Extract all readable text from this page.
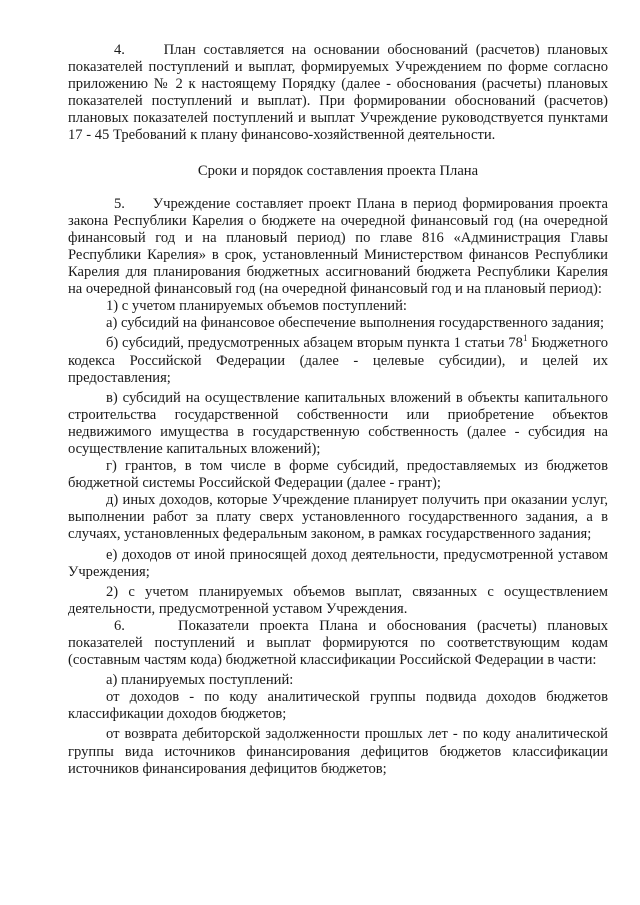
4.     План составляется на основании обоснований (расчетов) плановых показателей поступлений и выплат, формируемых Учреждением по форме согласно приложению № 2 к настоящему Порядку (далее - обоснования (расчеты) плановых показателей поступлений и выплат). При формировании обоснований (расчетов) плановых показателей поступлений и выплат Учреждение руководствуется пунктами 17 - 45 Требований к плану финансово-хозяйственной деятельности.

Сроки и порядок составления проекта Плана

5.     Учреждение составляет проект Плана в период формирования проекта закона Республики Карелия о бюджете на очередной финансовый год (на очередной финансовый год и на плановый период) по главе 816 «Администрация Главы Республики Карелия» в срок, установленный Министерством финансов Республики Карелия для планирования бюджетных ассигнований бюджета Республики Карелия на очередной финансовый год (на очередной финансовый год и на плановый период):

1) с учетом планируемых объемов поступлений:

а) субсидий на финансовое обеспечение выполнения государственного задания;

б) субсидий, предусмотренных абзацем вторым пункта 1 статьи $78^1$ Бюджетного кодекса Российской Федерации (далее - целевые субсидии), и целей их предоставления;

в) субсидий на осуществление капитальных вложений в объекты капитального строительства государственной собственности или приобретение объектов недвижимого имущества в государственную собственность (далее - субсидия на осуществление капитальных вложений);

г) грантов, в том числе в форме субсидий, предоставляемых из бюджетов бюджетной системы Российской Федерации (далее - грант);

д) иных доходов, которые Учреждение планирует получить при оказании услуг, выполнении работ за плату сверх установленного государственного задания, а в случаях, установленных федеральным законом, в рамках государственного задания;

е) доходов от иной приносящей доход деятельности, предусмотренной уставом Учреждения;

2) с учетом планируемых объемов выплат, связанных с осуществлением деятельности, предусмотренной уставом Учреждения.

6.     Показатели проекта Плана и обоснования (расчеты) плановых показателей поступлений и выплат формируются по соответствующим кодам (составным частям кода) бюджетной классификации Российской Федерации в части:

а) планируемых поступлений:

от доходов - по коду аналитической группы подвида доходов бюджетов классификации доходов бюджетов;

от возврата дебиторской задолженности прошлых лет - по коду аналитической группы вида источников финансирования дефицитов бюджетов классификации источников финансирования дефицитов бюджетов;
